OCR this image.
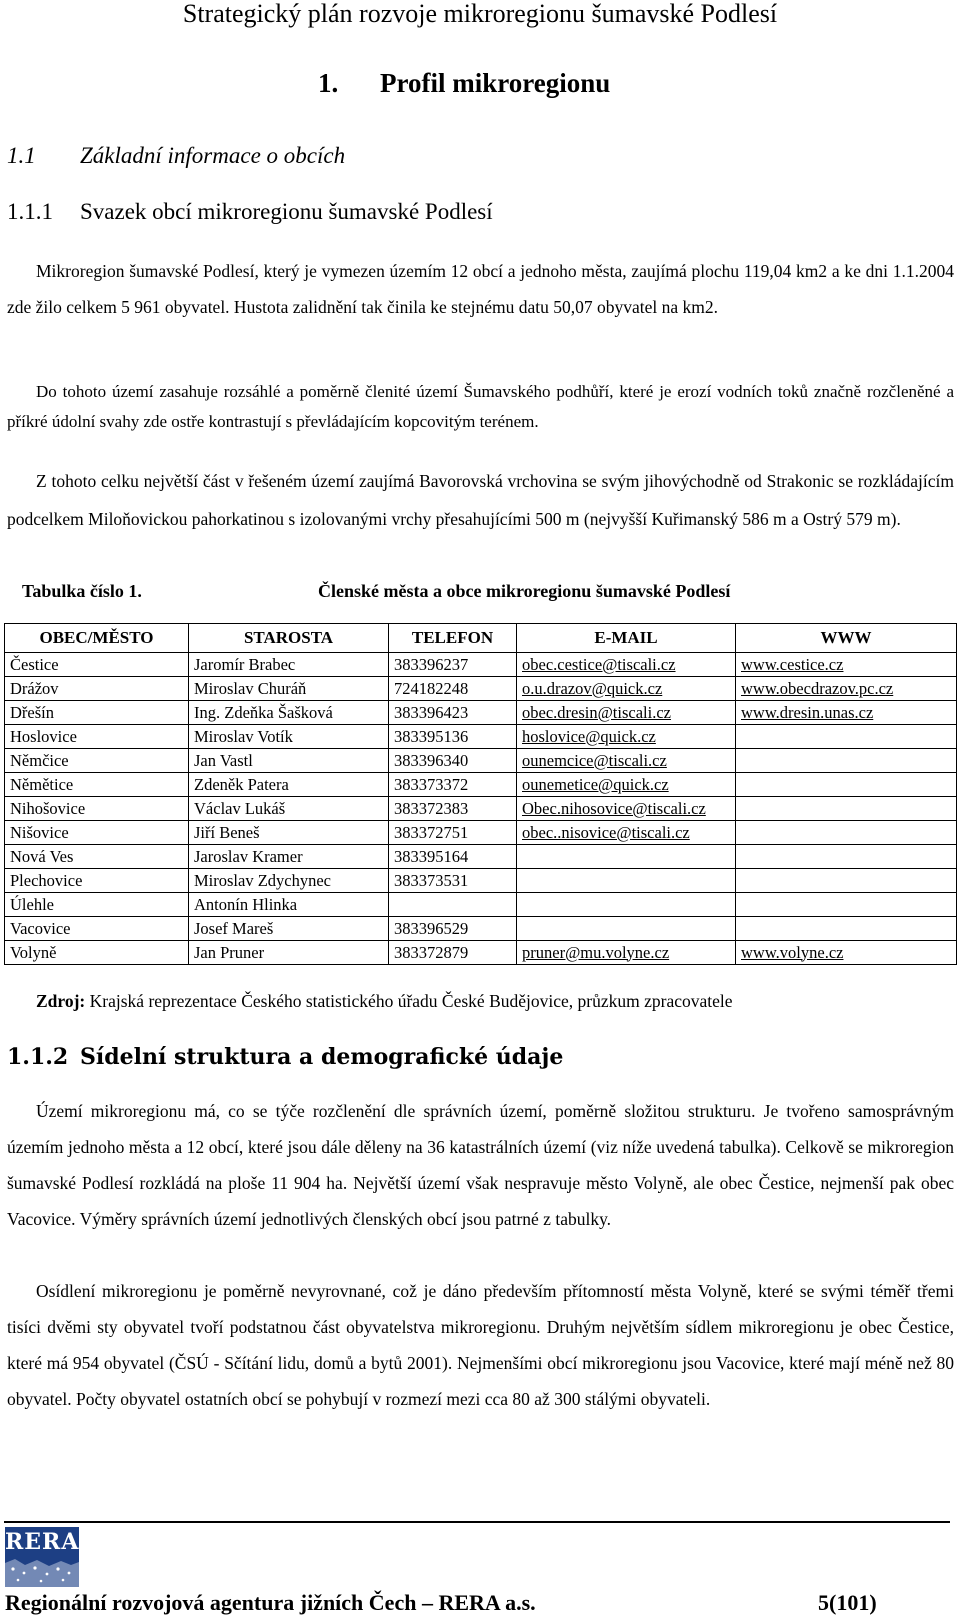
Strategický plán rozvoje mikroregionu šumavské Podlesí
1. Profil mikroregionu
1.1 Základní informace o obcích
1.1.1 Svazek obcí mikroregionu šumavské Podlesí

Mikroregion šumavské Podlesí, který je vymezen územím 12 obcí a jednoho města, zaujímá plochu 119,04 km2 a ke dni 1.1.2004 zde žilo celkem 5 961 obyvatel. Hustota zalidnění tak činila ke stejnému datu 50,07 obyvatel na km2.

Do tohoto území zasahuje rozsáhlé a poměrně členité území Šumavského podhůří, které je erozí vodních toků značně rozčleněné a příkré údolní svahy zde ostře kontrastují s převládajícím kopcovitým terénem.

Z tohoto celku největší část v řešeném území zaujímá Bavorovská vrchovina se svým jihovýchodně od Strakonic se rozkládajícím podcelkem Miloňovickou pahorkatinou s izolovanými vrchy přesahujícími 500 m (nejvyšší Kuřimanský 586 m a Ostrý 579 m).

Tabulka číslo 1.	Členské města a obce mikroregionu šumavské Podlesí
OBEC/MĚSTO	STAROSTA	TELEFON	E-MAIL	WWW
Čestice	Jaromír Brabec	383396237	obec.cestice@tiscali.cz	www.cestice.cz
Drážov	Miroslav Churáň	724182248	o.u.drazov@quick.cz	www.obecdrazov.pc.cz
Dřešín	Ing. Zdeňka Šašková	383396423	obec.dresin@tiscali.cz	www.dresin.unas.cz
Hoslovice	Miroslav Votík	383395136	hoslovice@quick.cz	
Němčice	Jan Vastl	383396340	ounemcice@tiscali.cz	
Němětice	Zdeněk Patera	383373372	ounemetice@quick.cz	
Nihošovice	Václav Lukáš	383372383	Obec.nihosovice@tiscali.cz	
Nišovice	Jiří Beneš	383372751	obec..nisovice@tiscali.cz	
Nová Ves	Jaroslav Kramer	383395164		
Plechovice	Miroslav Zdychynec	383373531		
Úlehle	Antonín Hlinka			
Vacovice	Josef Mareš	383396529		
Volyně	Jan Pruner	383372879	pruner@mu.volyne.cz	www.volyne.cz
Zdroj: Krajská reprezentace Českého statistického úřadu České Budějovice, průzkum zpracovatele
1.1.2 Sídelní struktura a demografické údaje

Území mikroregionu má, co se týče rozčlenění dle správních území, poměrně složitou strukturu. Je tvořeno samosprávným územím jednoho města a 12 obcí, které jsou dále děleny na 36 katastrálních území (viz níže uvedená tabulka). Celkově se mikroregion šumavské Podlesí rozkládá na ploše 11 904 ha. Největší území však nespravuje město Volyně, ale obec Čestice, nejmenší pak obec Vacovice. Výměry správních území jednotlivých členských obcí jsou patrné z tabulky.

Osídlení mikroregionu je poměrně nevyrovnané, což je dáno především přítomností města Volyně, které se svými téměř třemi tisíci dvěmi sty obyvatel tvoří podstatnou část obyvatelstva mikroregionu. Druhým největším sídlem mikroregionu je obec Čestice, které má 954 obyvatel (ČSÚ - Sčítání lidu, domů a bytů 2001). Nejmenšími obcí mikroregionu jsou Vacovice, které mají méně než 80 obyvatel. Počty obyvatel ostatních obcí se pohybují v rozmezí mezi cca 80 až 300 stálými obyvateli.

RERA
Regionální rozvojová agentura jižních Čech – RERA a.s.	5(101)
